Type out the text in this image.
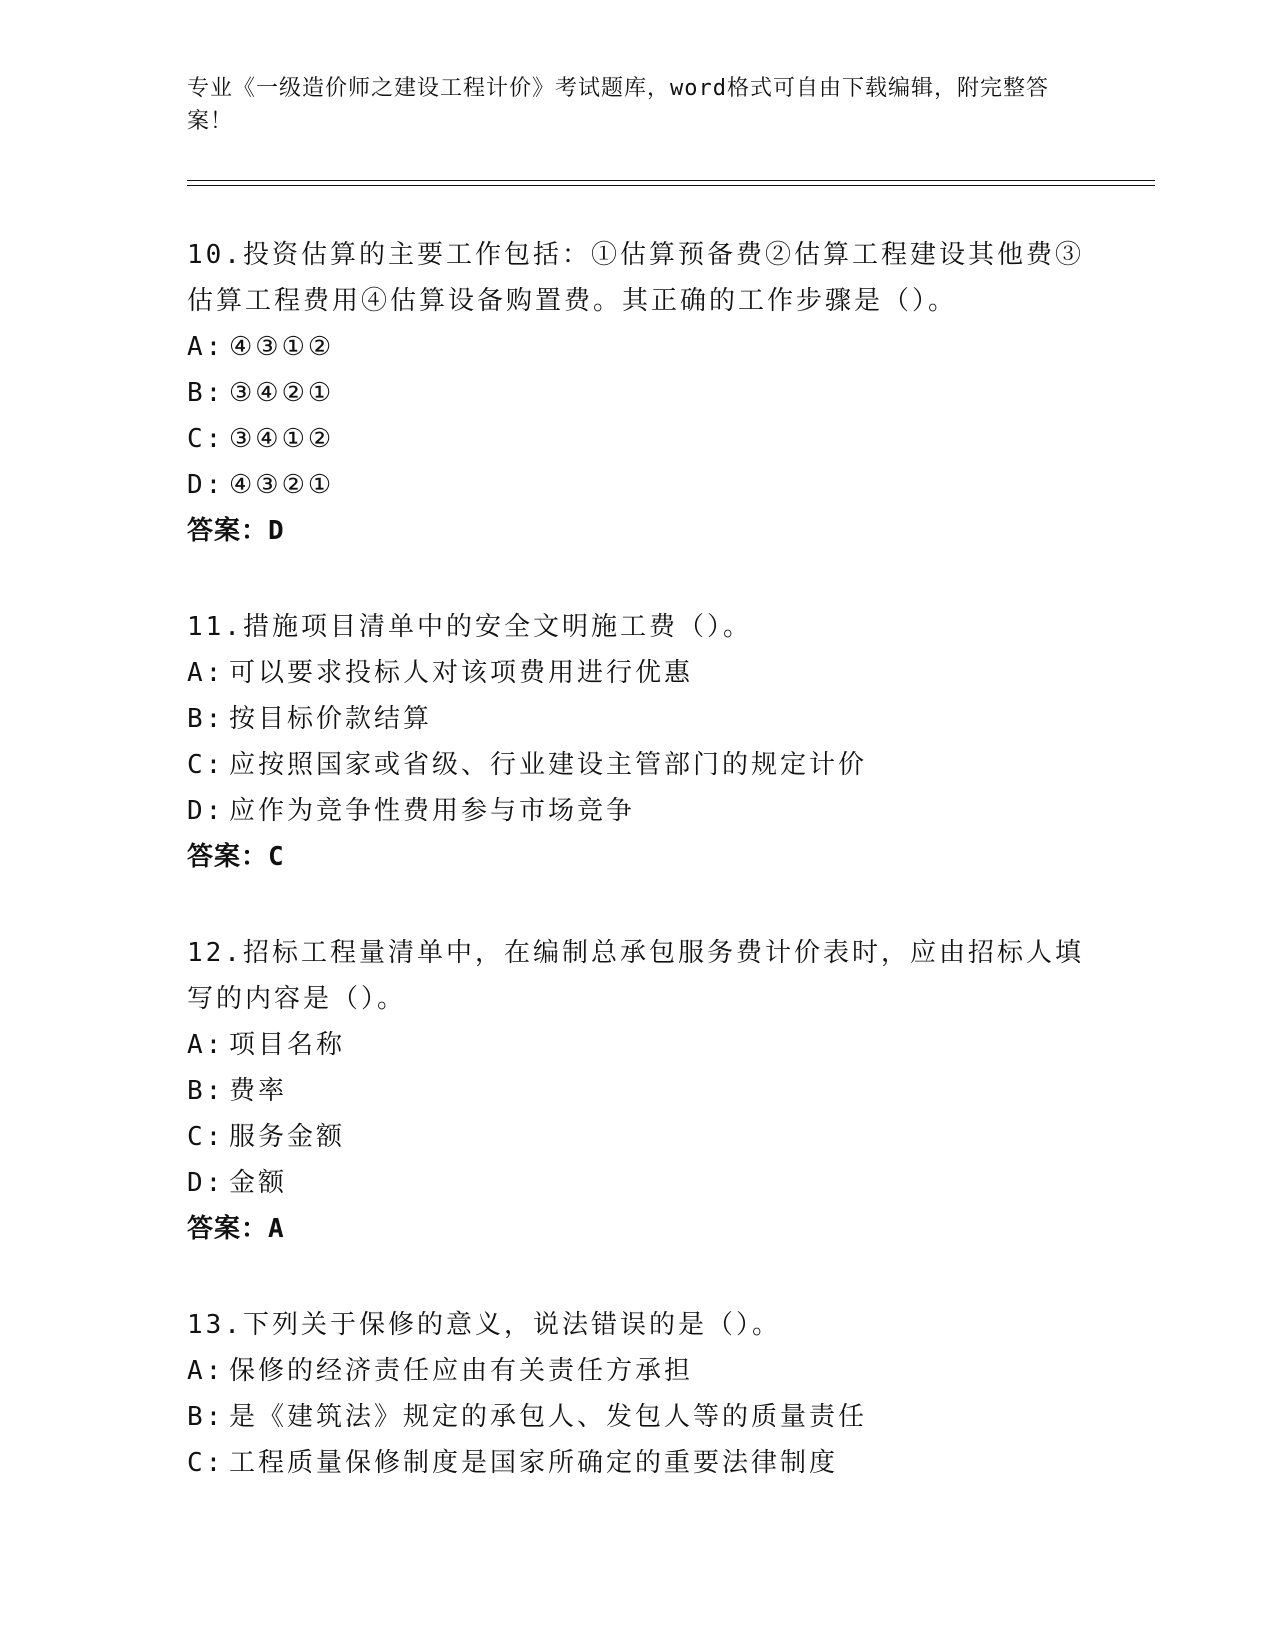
专业《一级造价师之建设工程计价》考试题库，word格式可自由下载编辑，附完整答案！

10.投资估算的主要工作包括：①估算预备费②估算工程建设其他费③估算工程费用④估算设备购置费。其正确的工作步骤是（）。

A: ④③①②

B: ③④②①

C: ③④①②

D: ④③②①

答案：D

11.措施项目清单中的安全文明施工费（）。

A: 可以要求投标人对该项费用进行优惠

B: 按目标价款结算

C: 应按照国家或省级、行业建设主管部门的规定计价

D: 应作为竞争性费用参与市场竞争

答案：C

12.招标工程量清单中，在编制总承包服务费计价表时，应由招标人填写的内容是（）。

A: 项目名称

B: 费率

C: 服务金额

D: 金额

答案：A

13.下列关于保修的意义，说法错误的是（）。

A: 保修的经济责任应由有关责任方承担

B: 是《建筑法》规定的承包人、发包人等的质量责任

C: 工程质量保修制度是国家所确定的重要法律制度
